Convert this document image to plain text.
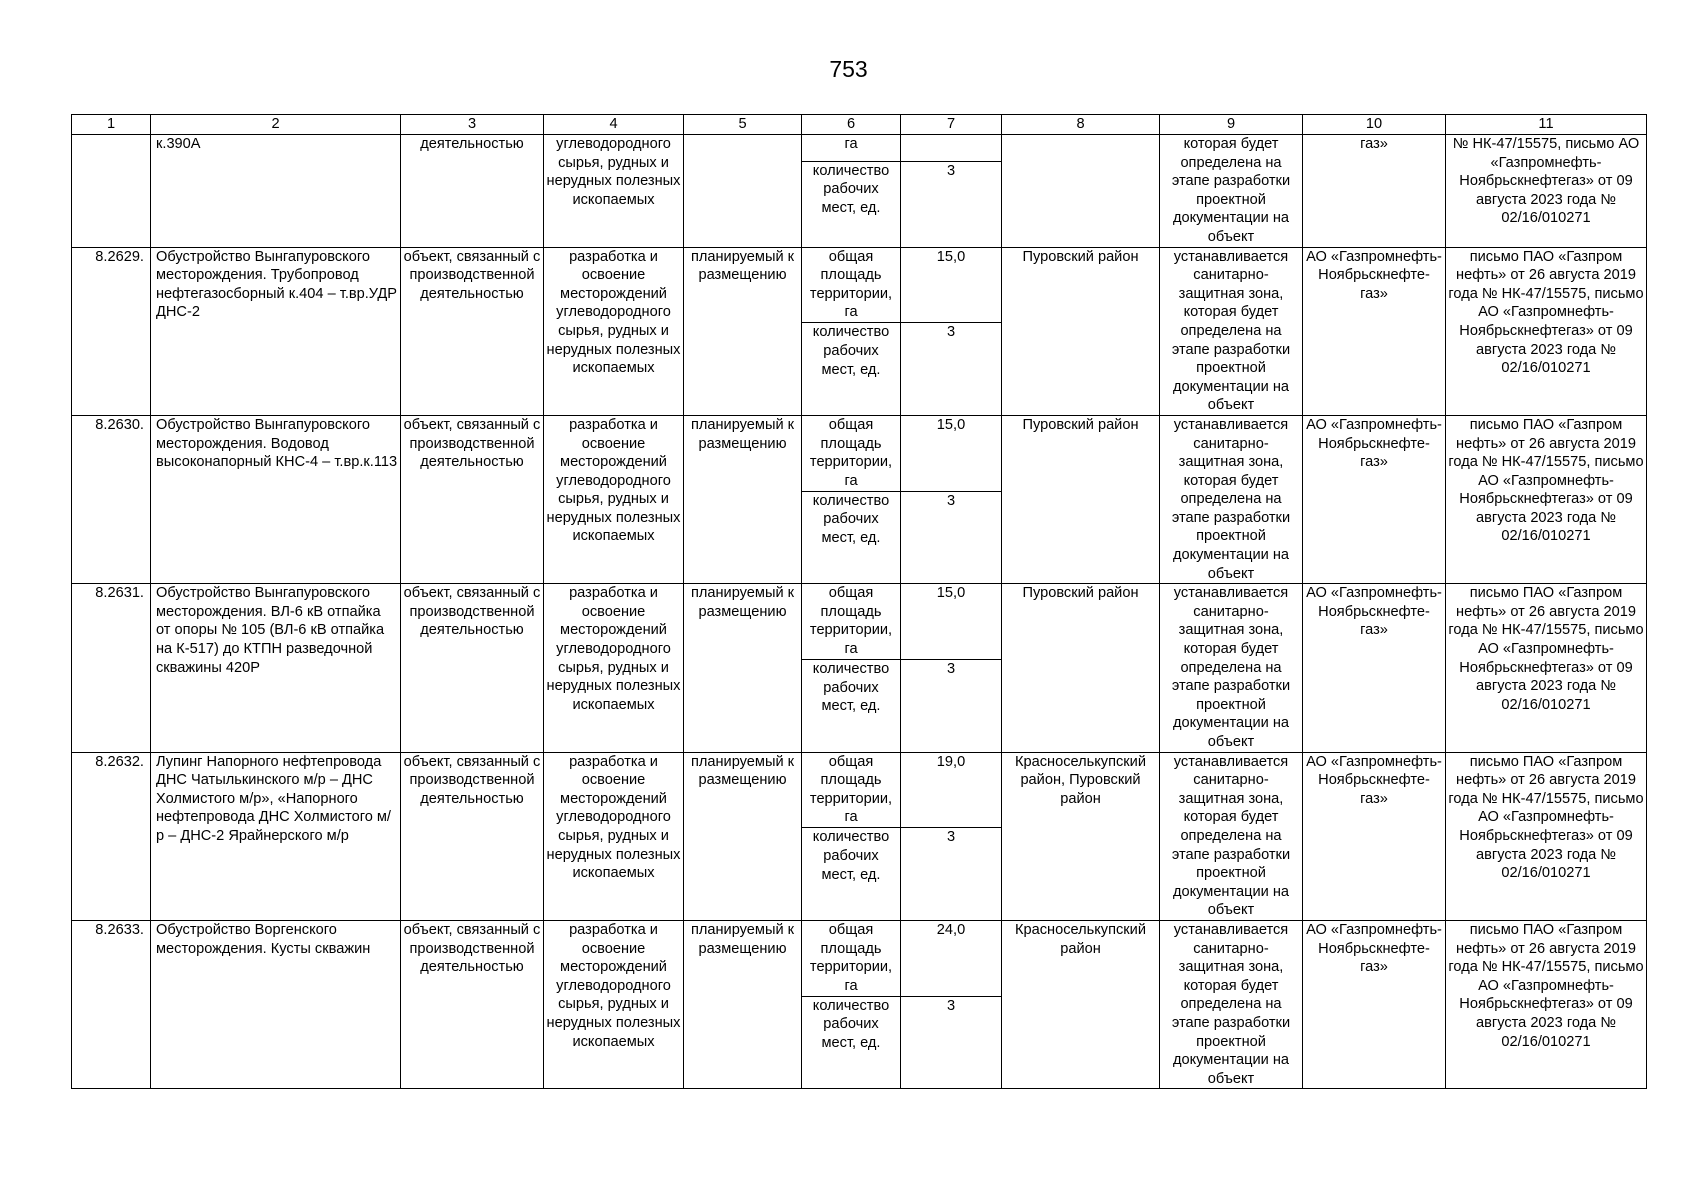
753
1	2	3	4	5	6	7	8	9	10	11
	к.390А	деятельностью	углеводородного сырья, рудных и нерудных полезных ископаемых		га			которая будет определена на этапе разработки проектной документации на объект	газ»	№ НК-47/15575, письмо АО «Газпромнефть-Ноябрьскнефтегаз» от 09 августа 2023 года № 02/16/010271
					количество рабочих мест, ед.	3				
8.2629.	Обустройство Вынгапуровского месторождения. Трубопровод нефтегазосборный к.404 – т.вр.УДР ДНС-2	объект, связанный с производственной деятельностью	разработка и освоение месторождений углеводородного сырья, рудных и нерудных полезных ископаемых	планируемый к размещению	общая площадь территории, га	15,0	Пуровский район	устанавливается санитарно-защитная зона, которая будет определена на этапе разработки проектной документации на объект	АО «Газпромнефть-Ноябрьскнефте-газ»	письмо ПАО «Газпром нефть» от 26 августа 2019 года № НК-47/15575, письмо АО «Газпромнефть-Ноябрьскнефтегаз» от 09 августа 2023 года № 02/16/010271
					количество рабочих мест, ед.	3				
8.2630.	Обустройство Вынгапуровского месторождения. Водовод высоконапорный КНС-4 – т.вр.к.113	объект, связанный с производственной деятельностью	разработка и освоение месторождений углеводородного сырья, рудных и нерудных полезных ископаемых	планируемый к размещению	общая площадь территории, га	15,0	Пуровский район	устанавливается санитарно-защитная зона, которая будет определена на этапе разработки проектной документации на объект	АО «Газпромнефть-Ноябрьскнефте-газ»	письмо ПАО «Газпром нефть» от 26 августа 2019 года № НК-47/15575, письмо АО «Газпромнефть-Ноябрьскнефтегаз» от 09 августа 2023 года № 02/16/010271
					количество рабочих мест, ед.	3				
8.2631.	Обустройство Вынгапуровского месторождения. ВЛ-6 кВ отпайка от опоры № 105 (ВЛ-6 кВ отпайка на К-517) до КТПН разведочной скважины 420Р	объект, связанный с производственной деятельностью	разработка и освоение месторождений углеводородного сырья, рудных и нерудных полезных ископаемых	планируемый к размещению	общая площадь территории, га	15,0	Пуровский район	устанавливается санитарно-защитная зона, которая будет определена на этапе разработки проектной документации на объект	АО «Газпромнефть-Ноябрьскнефте-газ»	письмо ПАО «Газпром нефть» от 26 августа 2019 года № НК-47/15575, письмо АО «Газпромнефть-Ноябрьскнефтегаз» от 09 августа 2023 года № 02/16/010271
					количество рабочих мест, ед.	3				
8.2632.	Лупинг Напорного нефтепровода ДНС Чатылькинского м/р – ДНС Холмистого м/р», «Напорного нефтепровода ДНС Холмистого м/р – ДНС-2 Ярайнерского м/р	объект, связанный с производственной деятельностью	разработка и освоение месторождений углеводородного сырья, рудных и нерудных полезных ископаемых	планируемый к размещению	общая площадь территории, га	19,0	Красноселькупский район, Пуровский район	устанавливается санитарно-защитная зона, которая будет определена на этапе разработки проектной документации на объект	АО «Газпромнефть-Ноябрьскнефте-газ»	письмо ПАО «Газпром нефть» от 26 августа 2019 года № НК-47/15575, письмо АО «Газпромнефть-Ноябрьскнефтегаз» от 09 августа 2023 года № 02/16/010271
					количество рабочих мест, ед.	3				
8.2633.	Обустройство Воргенского месторождения. Кусты скважин	объект, связанный с производственной деятельностью	разработка и освоение месторождений углеводородного сырья, рудных и нерудных полезных ископаемых	планируемый к размещению	общая площадь территории, га	24,0	Красноселькупский район	устанавливается санитарно-защитная зона, которая будет определена на этапе разработки проектной документации на объект	АО «Газпромнефть-Ноябрьскнефте-газ»	письмо ПАО «Газпром нефть» от 26 августа 2019 года № НК-47/15575, письмо АО «Газпромнефть-Ноябрьскнефтегаз» от 09 августа 2023 года № 02/16/010271
					количество рабочих мест, ед.	3				
